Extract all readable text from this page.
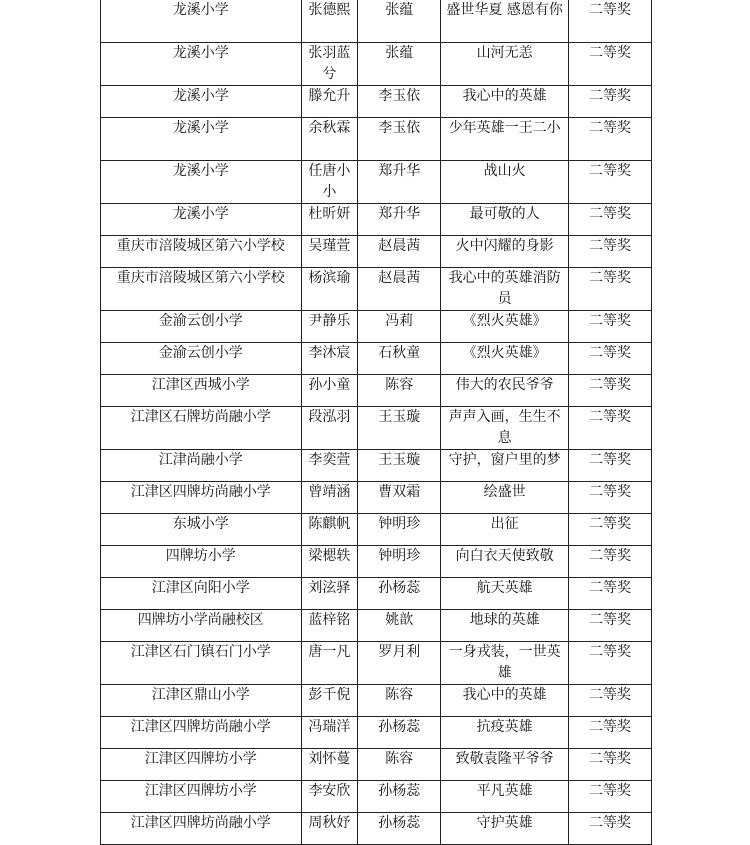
龙溪小学	张德熙	张蕴	盛世华夏 感恩有你	二等奖
龙溪小学	张羽蓝兮	张蕴	山河无恙	二等奖
龙溪小学	滕允升	李玉依	我心中的英雄	二等奖
龙溪小学	余秋霖	李玉依	少年英雄一王二小	二等奖
龙溪小学	任唐小小	郑升华	战山火	二等奖
龙溪小学	杜昕妍	郑升华	最可敬的人	二等奖
重庆市涪陵城区第六小学校	吴瑾萱	赵晨茜	火中闪耀的身影	二等奖
重庆市涪陵城区第六小学校	杨滨瑜	赵晨茜	我心中的英雄消防员	二等奖
金渝云创小学	尹静乐	冯莉	《烈火英雄》	二等奖
金渝云创小学	李沐宸	石秋童	《烈火英雄》	二等奖
江津区西城小学	孙小童	陈容	伟大的农民爷爷	二等奖
江津区石牌坊尚融小学	段泓羽	王玉璇	声声入画，生生不息	二等奖
江津尚融小学	李奕萱	王玉璇	守护，窗户里的梦	二等奖
江津区四牌坊尚融小学	曾靖涵	曹双霜	绘盛世	二等奖
东城小学	陈麒帆	钟明珍	出征	二等奖
四牌坊小学	梁楒轶	钟明珍	向白衣天使致敬	二等奖
江津区向阳小学	刘泫驿	孙杨蕊	航天英雄	二等奖
四牌坊小学尚融校区	蓝梓铭	姚歆	地球的英雄	二等奖
江津区石门镇石门小学	唐一凡	罗月利	一身戎装，一世英雄	二等奖
江津区鼎山小学	彭千倪	陈容	我心中的英雄	二等奖
江津区四牌坊尚融小学	冯瑞洋	孙杨蕊	抗疫英雄	二等奖
江津区四牌坊小学	刘怀蔓	陈容	致敬袁隆平爷爷	二等奖
江津区四牌坊小学	李安欣	孙杨蕊	平凡英雄	二等奖
江津区四牌坊尚融小学	周秋妤	孙杨蕊	守护英雄	二等奖
